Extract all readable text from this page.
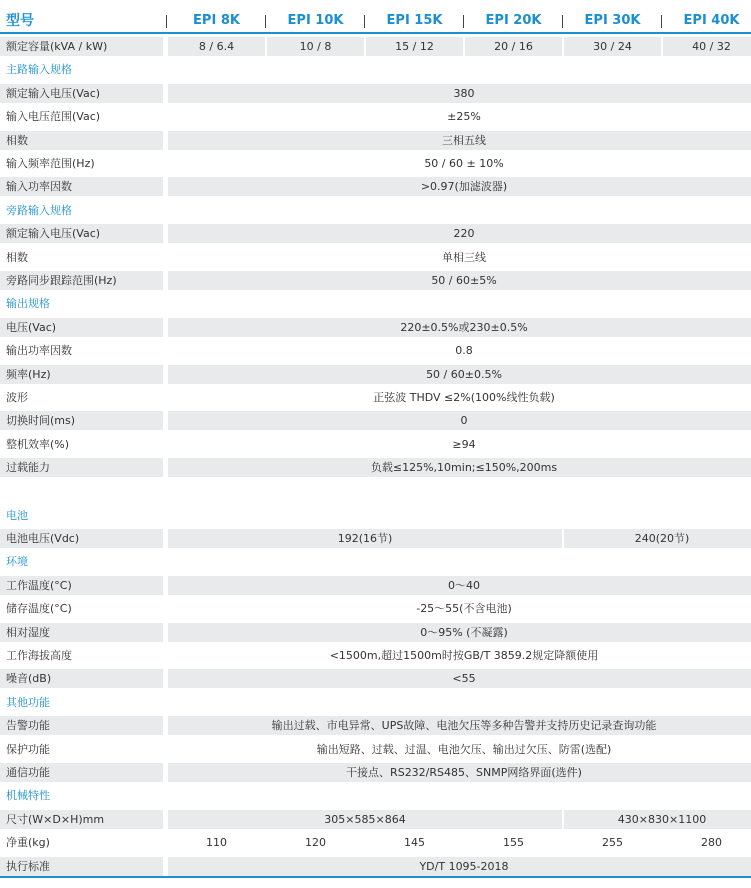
型号	EPI 8K	EPI 10K	EPI 15K	EPI 20K	EPI 30K	EPI 40K
额定容量(kVA / kW)	8 / 6.4	10 / 8	15 / 12	20 / 16	30 / 24	40 / 32
主路输入规格
额定输入电压(Vac)	380
输入电压范围(Vac)	±25%
相数	三相五线
输入频率范围(Hz)	50 / 60 ± 10%
输入功率因数	>0.97(加滤波器)
旁路输入规格
额定输入电压(Vac)	220
相数	单相三线
旁路同步跟踪范围(Hz)	50 / 60±5%
输出规格
电压(Vac)	220±0.5%或230±0.5%
输出功率因数	0.8
频率(Hz)	50 / 60±0.5%
波形	正弦波 THDV ≤2%(100%线性负载)
切换时间(ms)	0
整机效率(%)	≥94
过载能力	负载≤125%,10min;≤150%,200ms
电池
电池电压(Vdc)	192(16节)	240(20节)
环境
工作温度(°C)	0～40
储存温度(°C)	-25～55(不含电池)
相对湿度	0～95% (不凝露)
工作海拔高度	<1500m,超过1500m时按GB/T 3859.2规定降额使用
噪音(dB)	<55
其他功能
告警功能	输出过载、市电异常、UPS故障、电池欠压等多种告警并支持历史记录查询功能
保护功能	输出短路、过载、过温、电池欠压、输出过欠压、防雷(选配)
通信功能	干接点、RS232/RS485、SNMP网络界面(选件)
机械特性
尺寸(W×D×H)mm	305×585×864	430×830×1100
净重(kg)	110	120	145	155	255	280
执行标准	YD/T 1095-2018
